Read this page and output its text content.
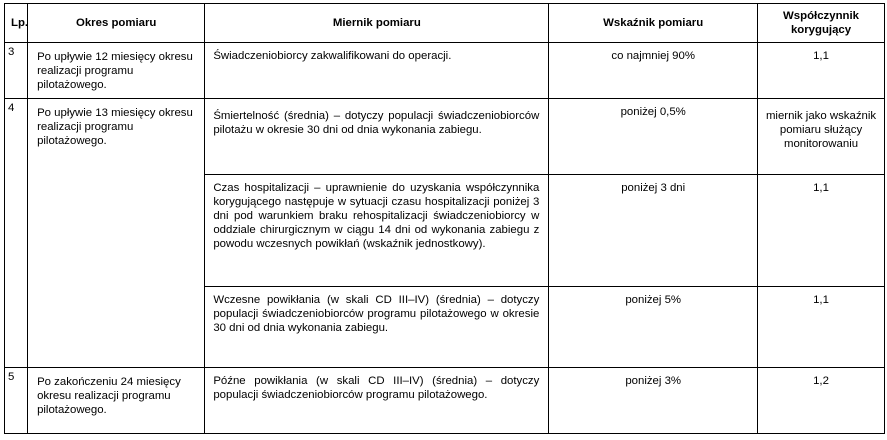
Lp.	Okres pomiaru	Miernik pomiaru	Wskaźnik pomiaru	Współczynnik korygujący
3	Po upływie 12 miesięcy okresu realizacji programu pilotażowego.	Świadczeniobiorcy zakwalifikowani do operacji.	co najmniej 90%	1,1
4	Po upływie 13 miesięcy okresu realizacji programu pilotażowego.	Śmiertelność (średnia) – dotyczy populacji świadczeniobiorców pilotażu w okresie 30 dni od dnia wykonania zabiegu.	poniżej 0,5%	miernik jako wskaźnik pomiaru służący monitorowaniu
		Czas hospitalizacji – uprawnienie do uzyskania współczynnika korygującego następuje w sytuacji czasu hospitalizacji poniżej 3 dni pod warunkiem braku rehospitalizacji świadczeniobiorcy w oddziale chirurgicznym w ciągu 14 dni od wykonania zabiegu z powodu wczesnych powikłań (wskaźnik jednostkowy).	poniżej 3 dni	1,1
		Wczesne powikłania (w skali CD III–IV) (średnia) – dotyczy populacji świadczeniobiorców programu pilotażowego w okresie 30 dni od dnia wykonania zabiegu.	poniżej 5%	1,1
5	Po zakończeniu 24 miesięcy okresu realizacji programu pilotażowego.	Późne powikłania (w skali CD III–IV) (średnia) – dotyczy populacji świadczeniobiorców programu pilotażowego.	poniżej 3%	1,2
